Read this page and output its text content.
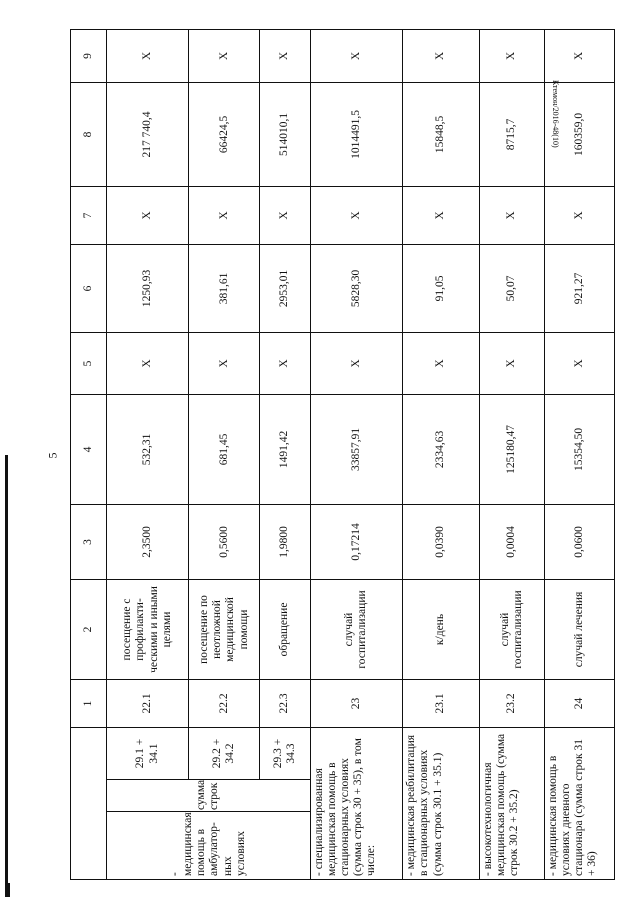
5
Ктемон/2016-48(10)
			1	2	3	4	5	6	7	8	9
- медицинская помощь в амбулатор-ных условиях	сумма строк	29.1 + 34.1	22.1	посещение с профилакти-ческими и иными целями	2,3500	532,31	X	1250,93	X	217 740,4	X
		29.2 + 34.2	22.2	посещение по неотложной медицинской помощи	0,5600	681,45	X	381,61	X	66424,5	X
		29.3 + 34.3	22.3	обращение	1,9800	1491,42	X	2953,01	X	514010,1	X
- специализированная медицинская помощь в стационарных условиях (сумма строк 30 + 35), в том числе:			23	случай госпитализации	0,17214	33857,91	X	5828,30	X	1014491,5	X
- медицинская реабилитация в стационарных условиях (сумма строк 30.1 + 35.1)			23.1	к/день	0,0390	2334,63	X	91,05	X	15848,5	X
- высокотехнологичная медицинская помощь (сумма строк 30.2 + 35.2)			23.2	случай госпитализации	0,0004	125180,47	X	50,07	X	8715,7	X
- медицинская помощь в условиях дневного стационара (сумма строк 31 + 36)			24	случай лечения	0,0600	15354,50	X	921,27	X	160359,0	X
